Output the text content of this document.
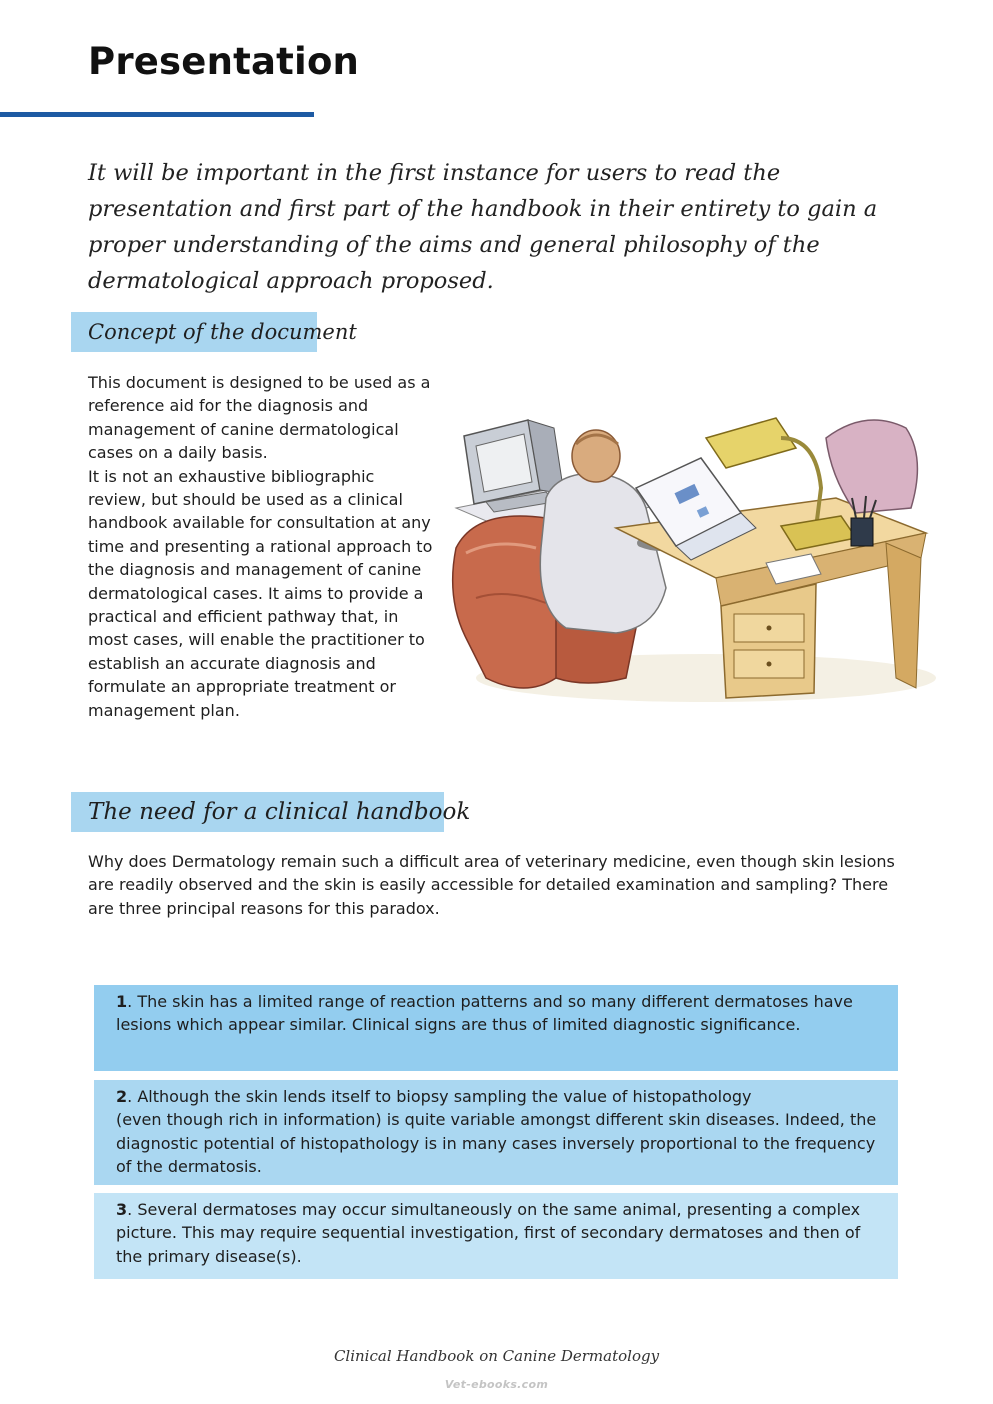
Presentation

It will be important in the first instance for users to read the presentation and first part of the handbook in their entirety to gain a proper understanding of the aims and general philosophy of the dermatological approach proposed.

Concept of the document

This document is designed to be used as a reference aid for the diagnosis and management of canine dermatological cases on a daily basis.
It is not an exhaustive bibliographic review, but should be used as a clinical handbook available for consultation at any time and presenting a rational approach to the diagnosis and management of canine dermatological cases. It aims to provide a practical and efficient pathway that, in most cases, will enable the practitioner to establish an accurate diagnosis and formulate an appropriate treatment or management plan.

The need for a clinical handbook

Why does Dermatology remain such a difficult area of veterinary medicine, even though skin lesions are readily observed and the skin is easily accessible for detailed examination and sampling? There are three principal reasons for this paradox.

1. The skin has a limited range of reaction patterns and so many different dermatoses have lesions which appear similar. Clinical signs are thus of limited diagnostic significance.
2. Although the skin lends itself to biopsy sampling the value of histopathology
(even though rich in information) is quite variable amongst different skin diseases. Indeed, the diagnostic potential of histopathology is in many cases inversely proportional to the frequency of the dermatosis.
3. Several dermatoses may occur simultaneously on the same animal, presenting a complex picture. This may require sequential investigation, first of secondary dermatoses and then of the primary disease(s).
Clinical Handbook on Canine Dermatology
Vet-ebooks.com
